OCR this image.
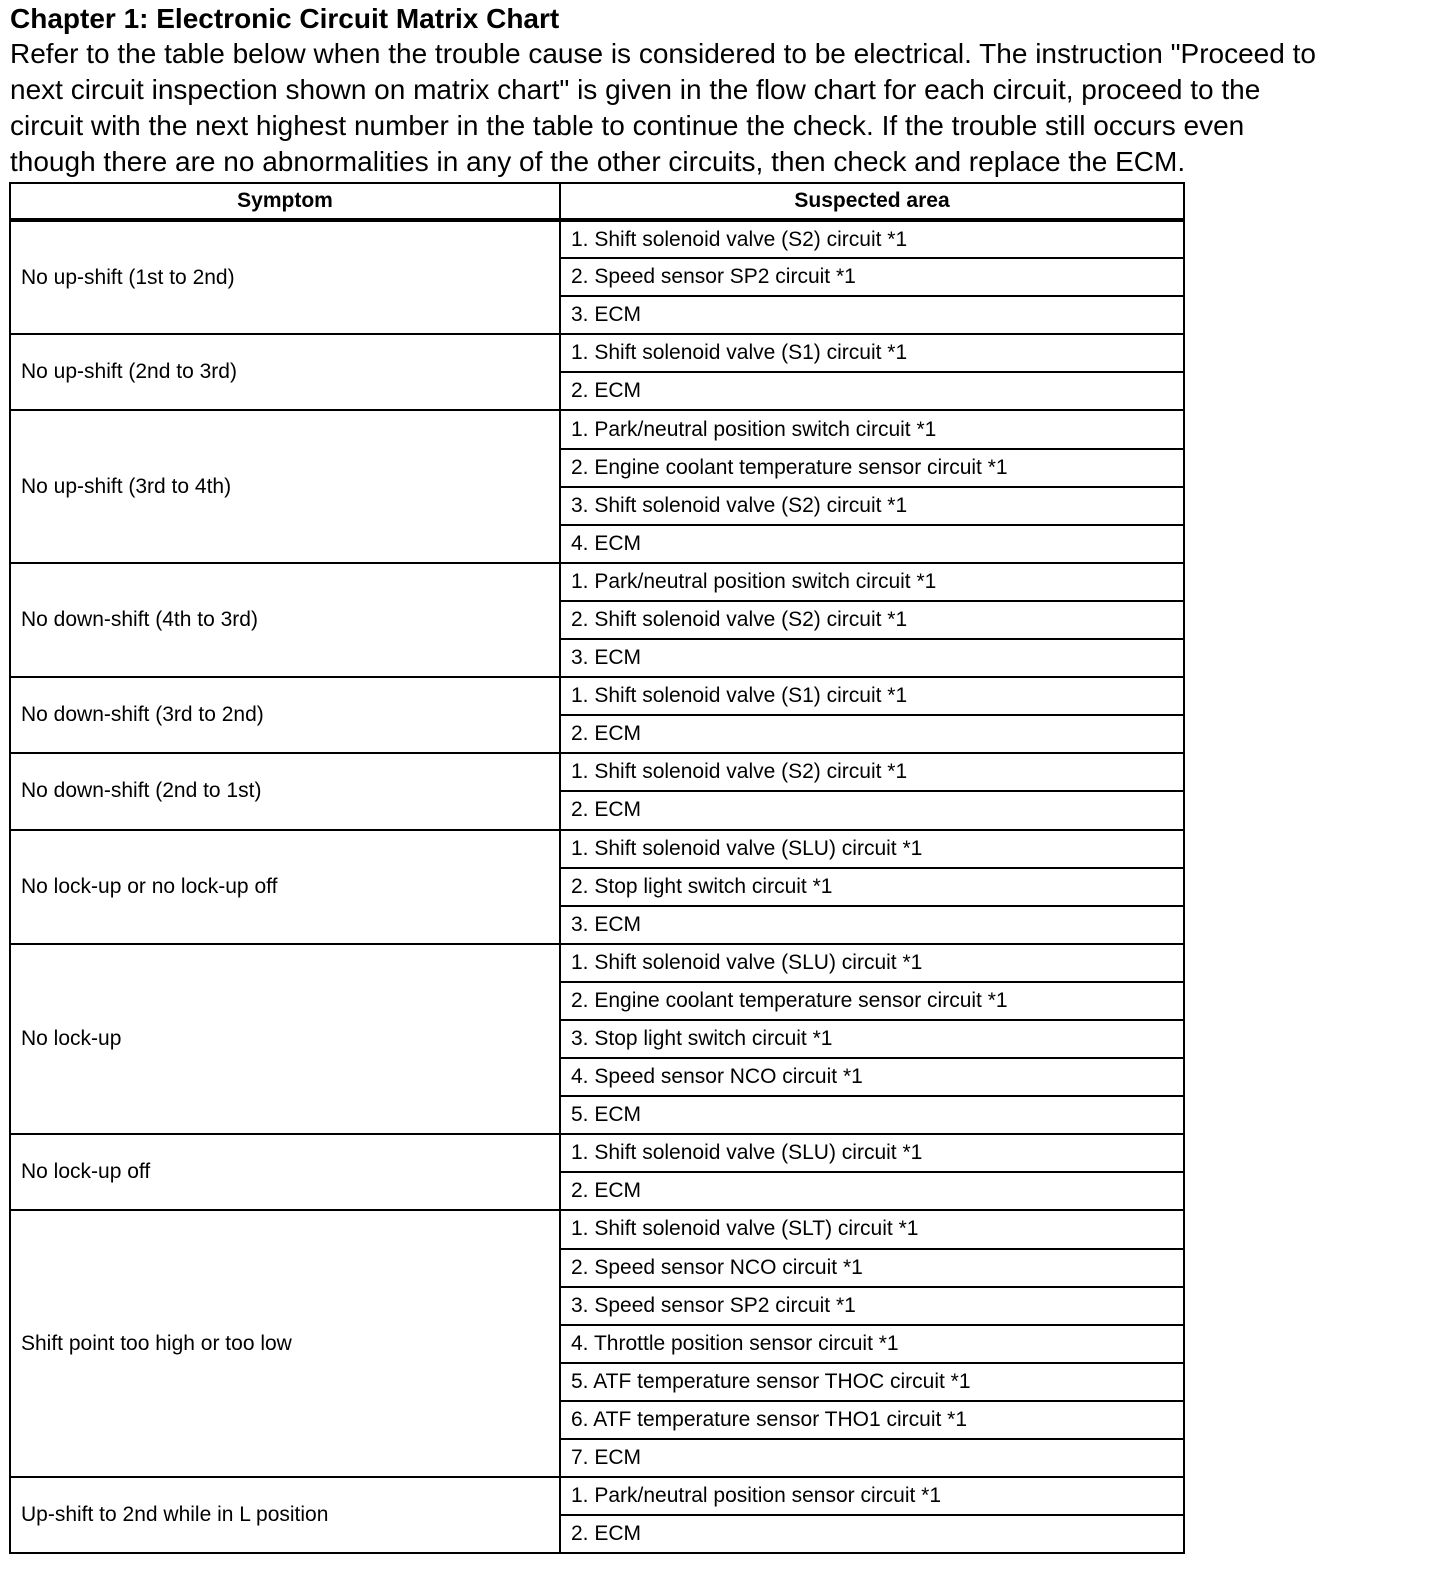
Chapter 1: Electronic Circuit Matrix Chart

Refer to the table below when the trouble cause is considered to be electrical. The instruction "Proceed to
next circuit inspection shown on matrix chart" is given in the flow chart for each circuit, proceed to the
circuit with the next highest number in the table to continue the check. If the trouble still occurs even
though there are no abnormalities in any of the other circuits, then check and replace the ECM.

Symptom	Suspected area
No up-shift (1st to 2nd)	1. Shift solenoid valve (S2) circuit *1
	2. Speed sensor SP2 circuit *1
	3. ECM
No up-shift (2nd to 3rd)	1. Shift solenoid valve (S1) circuit *1
	2. ECM
No up-shift (3rd to 4th)	1. Park/neutral position switch circuit *1
	2. Engine coolant temperature sensor circuit *1
	3. Shift solenoid valve (S2) circuit *1
	4. ECM
No down-shift (4th to 3rd)	1. Park/neutral position switch circuit *1
	2. Shift solenoid valve (S2) circuit *1
	3. ECM
No down-shift (3rd to 2nd)	1. Shift solenoid valve (S1) circuit *1
	2. ECM
No down-shift (2nd to 1st)	1. Shift solenoid valve (S2) circuit *1
	2. ECM
No lock-up or no lock-up off	1. Shift solenoid valve (SLU) circuit *1
	2. Stop light switch circuit *1
	3. ECM
No lock-up	1. Shift solenoid valve (SLU) circuit *1
	2. Engine coolant temperature sensor circuit *1
	3. Stop light switch circuit *1
	4. Speed sensor NCO circuit *1
	5. ECM
No lock-up off	1. Shift solenoid valve (SLU) circuit *1
	2. ECM
Shift point too high or too low	1. Shift solenoid valve (SLT) circuit *1
	2. Speed sensor NCO circuit *1
	3. Speed sensor SP2 circuit *1
	4. Throttle position sensor circuit *1
	5. ATF temperature sensor THOC circuit *1
	6. ATF temperature sensor THO1 circuit *1
	7. ECM
Up-shift to 2nd while in L position	1. Park/neutral position sensor circuit *1
	2. ECM
